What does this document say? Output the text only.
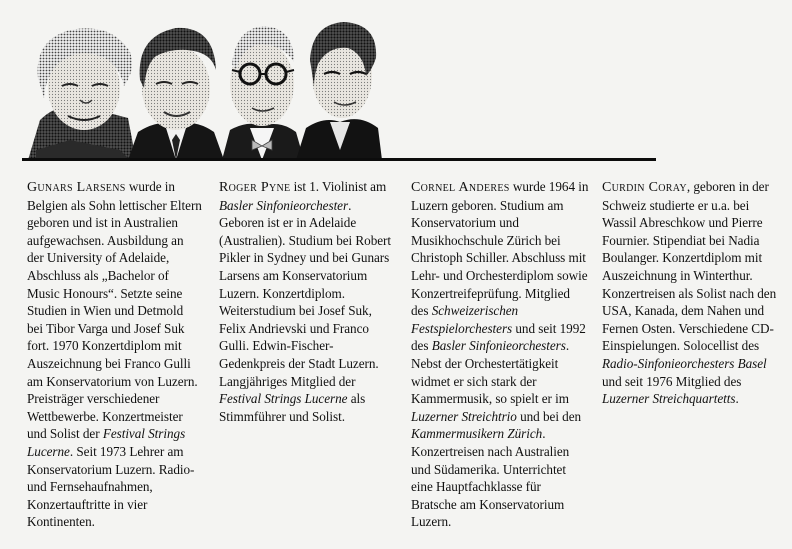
Gunars Larsens wurde in Belgien als Sohn lettischer Eltern geboren und ist in Australien aufgewachsen. Ausbildung an der University of Adelaide, Abschluss als „Bachelor of Music Honours“. Setzte seine Studien in Wien und Detmold bei Tibor Varga und Josef Suk fort. 1970 Konzertdiplom mit Auszeichnung bei Franco Gulli am Konservatorium von Luzern. Preisträger verschiedener Wettbewerbe. Konzertmeister und Solist der Festival Strings Lucerne. Seit 1973 Lehrer am Konservatorium Luzern. Radio- und Fernsehaufnahmen, Konzertauftritte in vier Kontinenten.

Roger Pyne ist 1. Violinist am Basler Sinfonieorchester. Geboren ist er in Adelaide (Australien). Studium bei Robert Pikler in Sydney und bei Gunars Larsens am Konservatorium Luzern. Konzertdiplom. Weiterstudium bei Josef Suk, Felix Andrievski und Franco Gulli. Edwin-Fischer-Gedenkpreis der Stadt Luzern. Langjähriges Mitglied der Festival Strings Lucerne als Stimmführer und Solist.

Cornel Anderes wurde 1964 in Luzern geboren. Studium am Konservatorium und Musikhochschule Zürich bei Christoph Schiller. Abschluss mit Lehr- und Orchesterdiplom sowie Konzertreifeprüfung. Mitglied des Schweizerischen Festspielorchesters und seit 1992 des Basler Sinfonieorchesters. Nebst der Orchestertätigkeit widmet er sich stark der Kammermusik, so spielt er im Luzerner Streichtrio und bei den Kammermusikern Zürich. Konzertreisen nach Australien und Südamerika. Unterrichtet eine Hauptfachklasse für Bratsche am Konservatorium Luzern.

Curdin Coray, geboren in der Schweiz studierte er u.a. bei Wassil Abreschkow und Pierre Fournier. Stipendiat bei Nadia Boulanger. Konzertdiplom mit Auszeichnung in Winterthur. Konzertreisen als Solist nach den USA, Kanada, dem Nahen und Fernen Osten. Verschiedene CD-Einspielungen. Solocellist des Radio-Sinfonieorchesters Basel und seit 1976 Mitglied des Luzerner Streichquartetts.
